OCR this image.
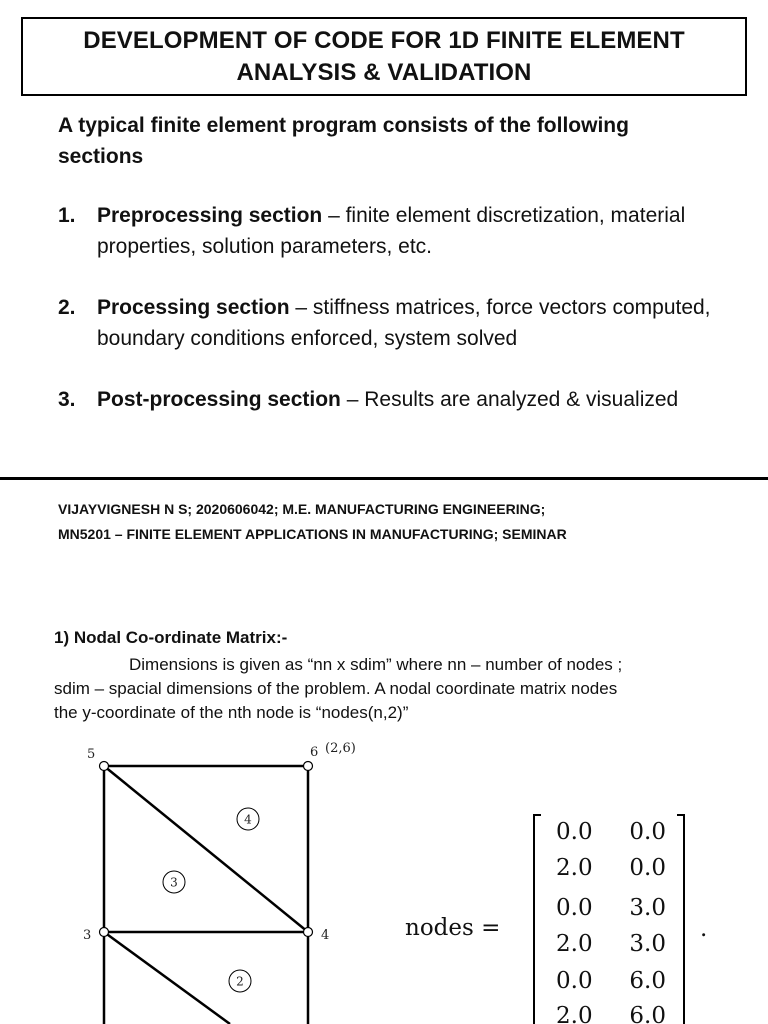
DEVELOPMENT OF CODE FOR 1D FINITE ELEMENT
ANALYSIS & VALIDATION
A typical finite element program consists of the following sections
1. Preprocessing section – finite element discretization, material properties, solution parameters, etc.
2. Processing section – stiffness matrices, force vectors computed, boundary conditions enforced, system solved
3. Post-processing section – Results are analyzed & visualized
VIJAYVIGNESH N S; 2020606042; M.E. MANUFACTURING ENGINEERING;
MN5201 – FINITE ELEMENT APPLICATIONS IN MANUFACTURING; SEMINAR
1) Nodal Co-ordinate Matrix:-
Dimensions is given as “nn x sdim” where nn – number of nodes ;
sdim – spacial dimensions of the problem. A nodal coordinate matrix nodes
the y-coordinate of the nth node is “nodes(n,2)”
5	6 (2,6)
3	4
4
3
2
nodes =
0.0 0.0
2.0 0.0
0.0 3.0
2.0 3.0
0.0 6.0
2.0 6.0
.
